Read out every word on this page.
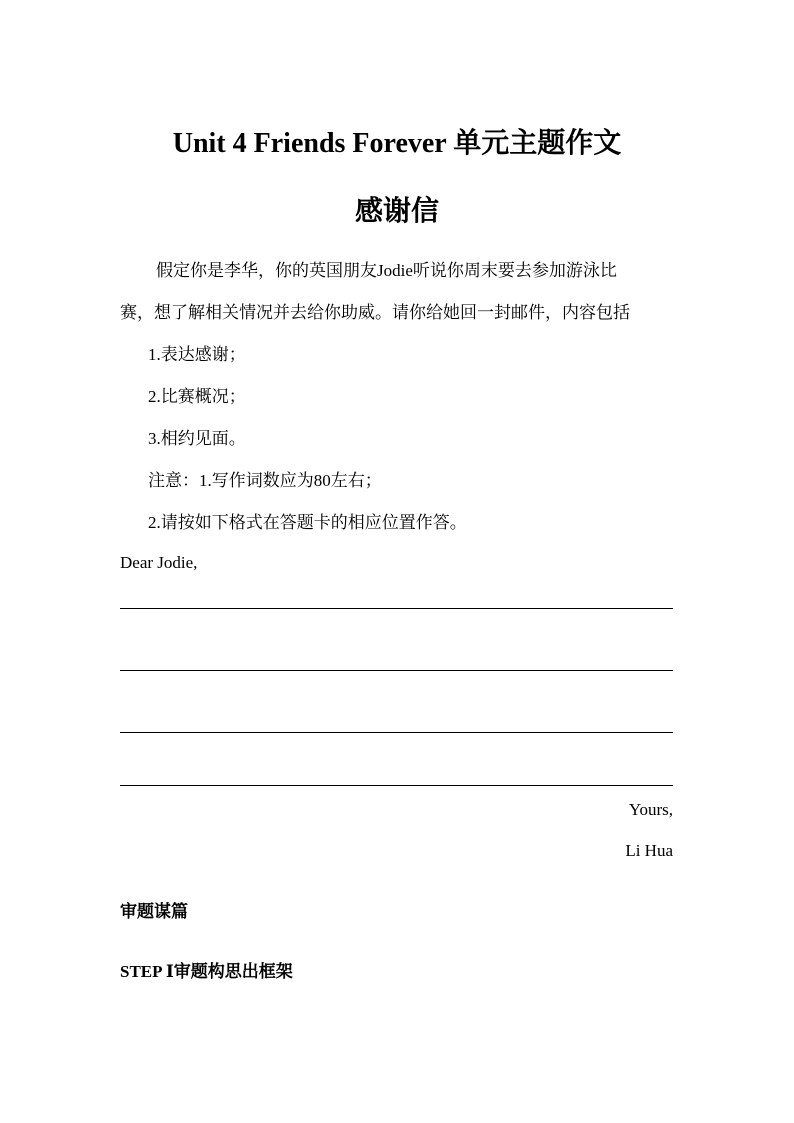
Unit 4 Friends Forever 单元主题作文
感谢信
假定你是李华，你的英国朋友Jodie听说你周末要去参加游泳比
赛，想了解相关情况并去给你助威。请你给她回一封邮件，内容包括
1.表达感谢；
2.比赛概况；
3.相约见面。
注意：1.写作词数应为80左右；
2.请按如下格式在答题卡的相应位置作答。
Dear Jodie,
Yours,
Li Hua
审题谋篇
STEP Ⅰ审题构思出框架
